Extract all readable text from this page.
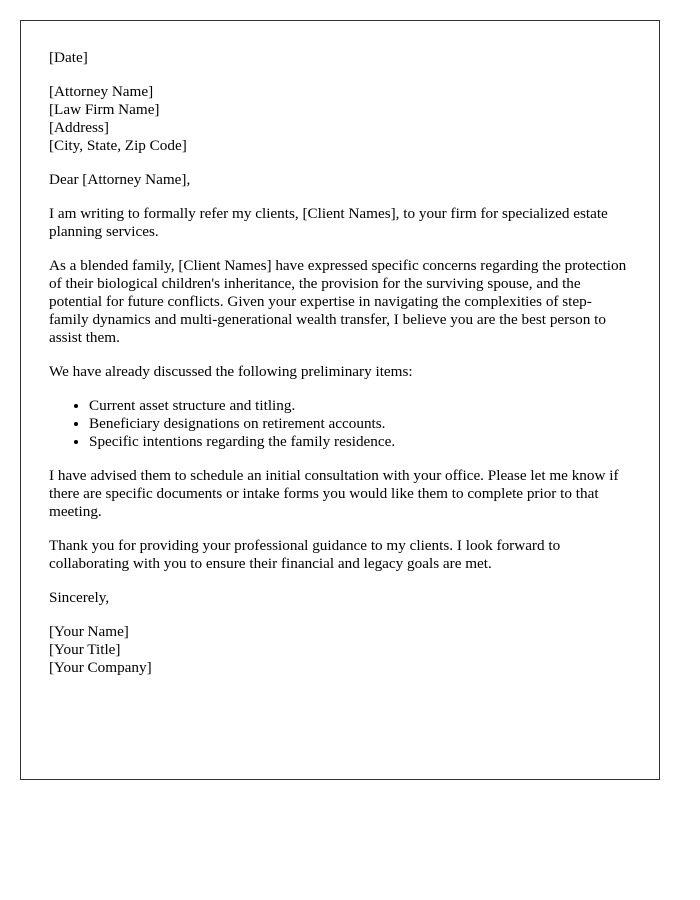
[Date]

[Attorney Name]

[Law Firm Name]

[Address]

[City, State, Zip Code]

Dear [Attorney Name],

I am writing to formally refer my clients, [Client Names], to your firm for specialized estate planning services.

As a blended family, [Client Names] have expressed specific concerns regarding the protection of their biological children's inheritance, the provision for the surviving spouse, and the potential for future conflicts. Given your expertise in navigating the complexities of step-family dynamics and multi-generational wealth transfer, I believe you are the best person to assist them.

We have already discussed the following preliminary items:

• Current asset structure and titling.
• Beneficiary designations on retirement accounts.
• Specific intentions regarding the family residence.

I have advised them to schedule an initial consultation with your office. Please let me know if there are specific documents or intake forms you would like them to complete prior to that meeting.

Thank you for providing your professional guidance to my clients. I look forward to collaborating with you to ensure their financial and legacy goals are met.

Sincerely,

[Your Name]

[Your Title]

[Your Company]
